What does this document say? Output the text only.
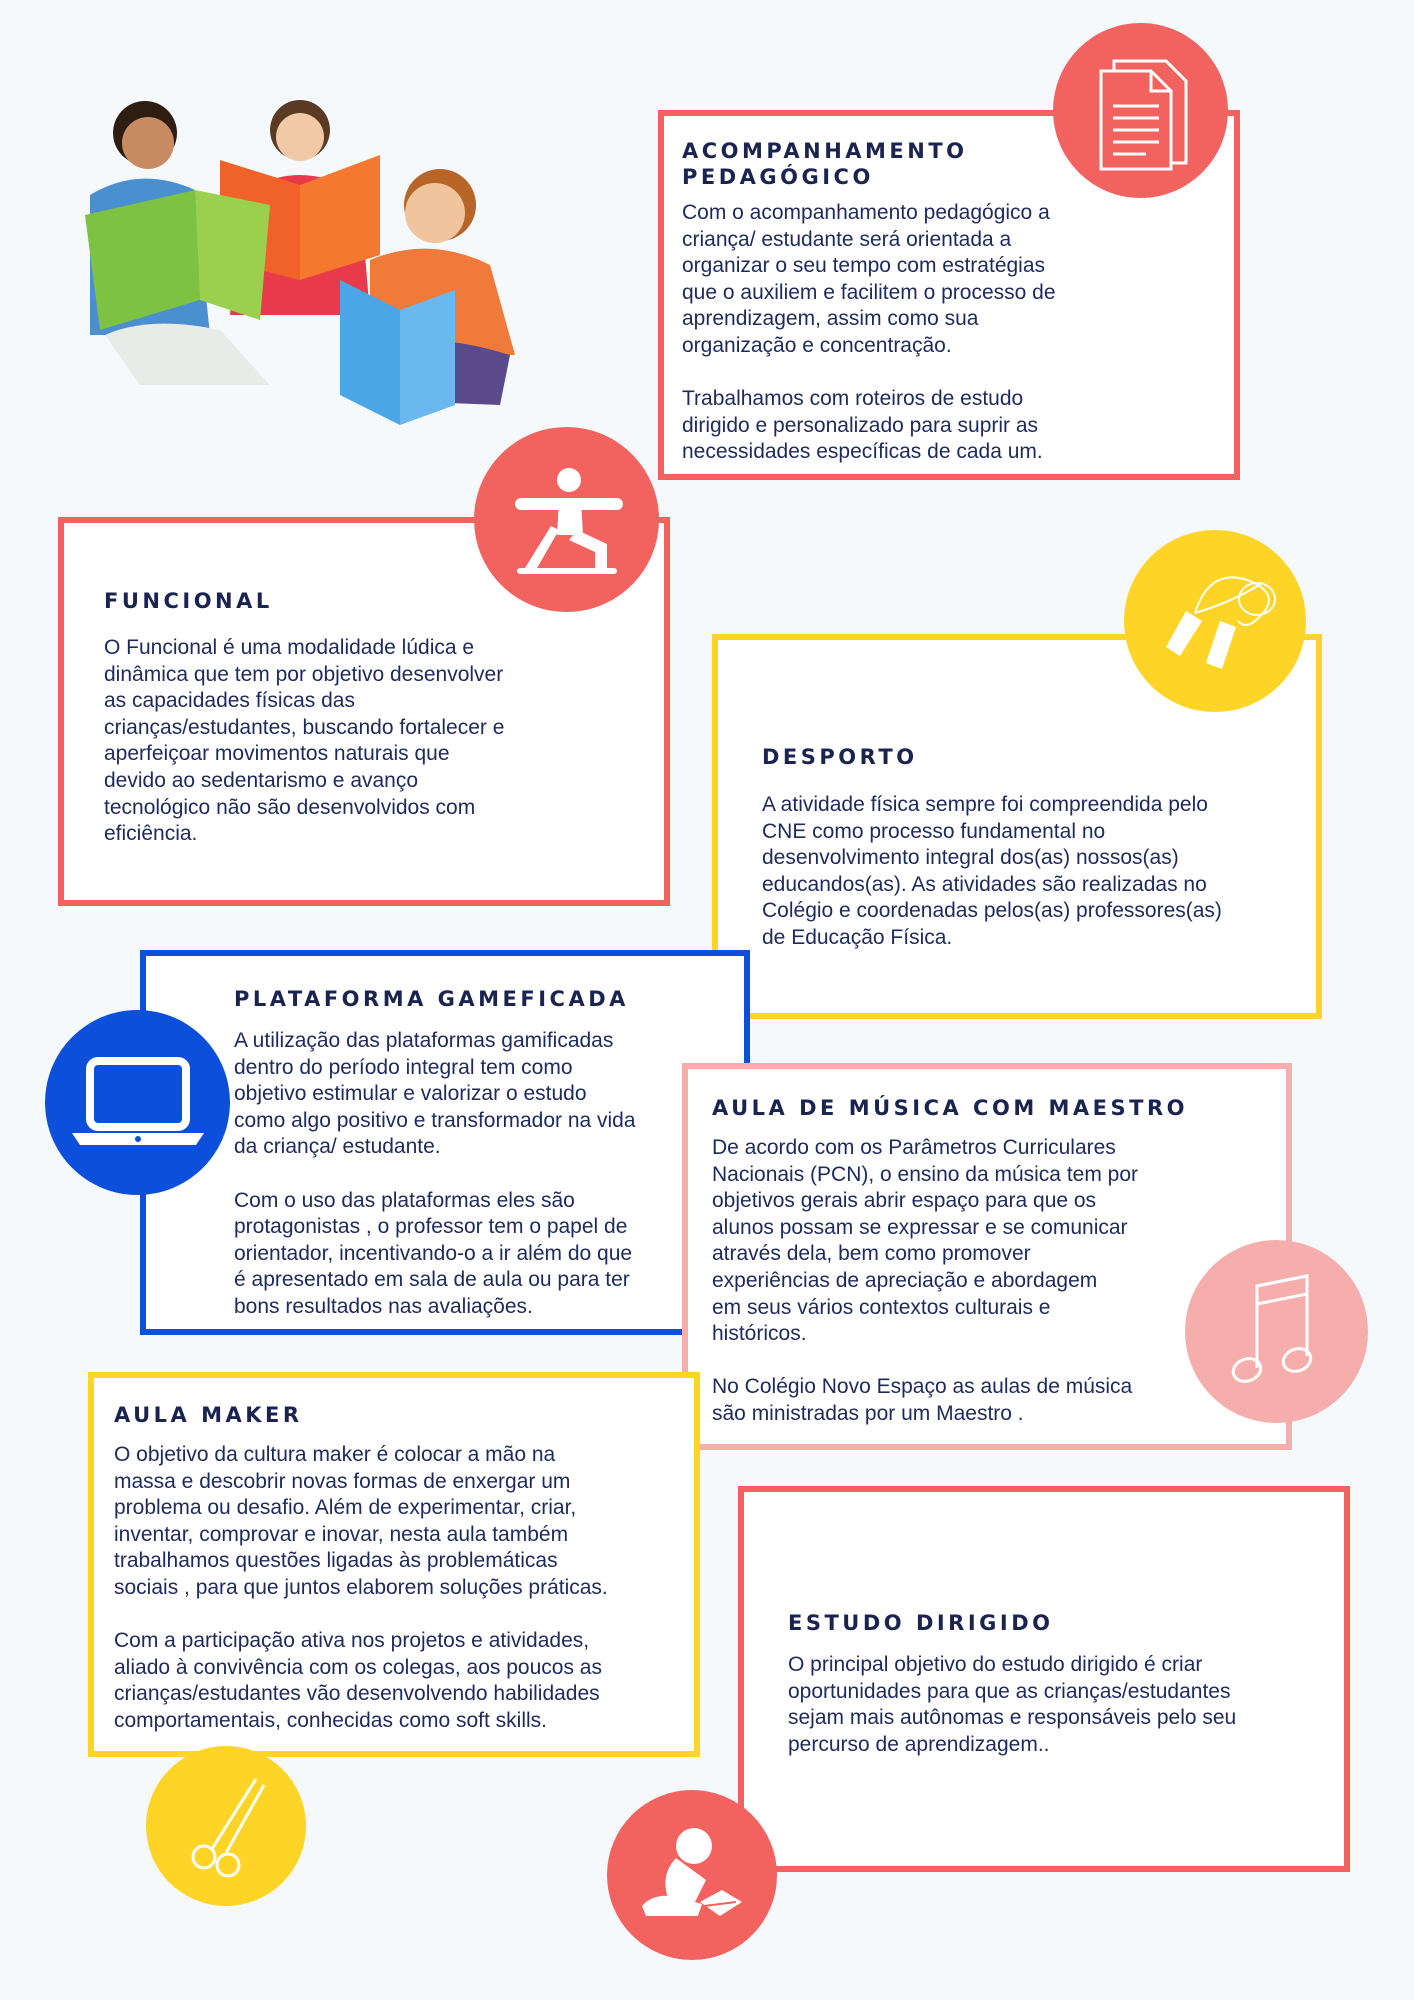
ACOMPANHAMENTO
PEDAGÓGICO

Com o acompanhamento pedagógico a
criança/ estudante será orientada a
organizar o seu tempo com estratégias
que o auxiliem e facilitem o processo de
aprendizagem, assim como sua
organização e concentração.

Trabalhamos com roteiros de estudo
dirigido e personalizado para suprir as
necessidades específicas de cada um.

FUNCIONAL

O Funcional é uma modalidade lúdica e
dinâmica que tem por objetivo desenvolver
as capacidades físicas das
crianças/estudantes, buscando fortalecer e
aperfeiçoar movimentos naturais que
devido ao sedentarismo e avanço
tecnológico não são desenvolvidos com
eficiência.

DESPORTO

A atividade física sempre foi compreendida pelo
CNE como processo fundamental no
desenvolvimento integral dos(as) nossos(as)
educandos(as). As atividades são realizadas no
Colégio e coordenadas pelos(as) professores(as)
de Educação Física.

PLATAFORMA GAMEFICADA

A utilização das plataformas gamificadas
dentro do período integral tem como
objetivo estimular e valorizar o estudo
como algo positivo e transformador na vida
da criança/ estudante.

Com o uso das plataformas eles são
protagonistas , o professor tem o papel de
orientador, incentivando-o a ir além do que
é apresentado em sala de aula ou para ter
bons resultados nas avaliações.

AULA DE MÚSICA COM MAESTRO

De acordo com os Parâmetros Curriculares
Nacionais (PCN), o ensino da música tem por
objetivos gerais abrir espaço para que os
alunos possam se expressar e se comunicar
através dela, bem como promover
experiências de apreciação e abordagem
em seus vários contextos culturais e
históricos.

No Colégio Novo Espaço as aulas de música
são ministradas por um Maestro .

AULA MAKER

O objetivo da cultura maker é colocar a mão na
massa e descobrir novas formas de enxergar um
problema ou desafio. Além de experimentar, criar,
inventar, comprovar e inovar, nesta aula também
trabalhamos questões ligadas às problemáticas
sociais , para que juntos elaborem soluções práticas.

Com a participação ativa nos projetos e atividades,
aliado à convivência com os colegas, aos poucos as
crianças/estudantes vão desenvolvendo habilidades
comportamentais, conhecidas como soft skills.

ESTUDO DIRIGIDO

O principal objetivo do estudo dirigido é criar
oportunidades para que as crianças/estudantes
sejam mais autônomas e responsáveis pelo seu
percurso de aprendizagem..
